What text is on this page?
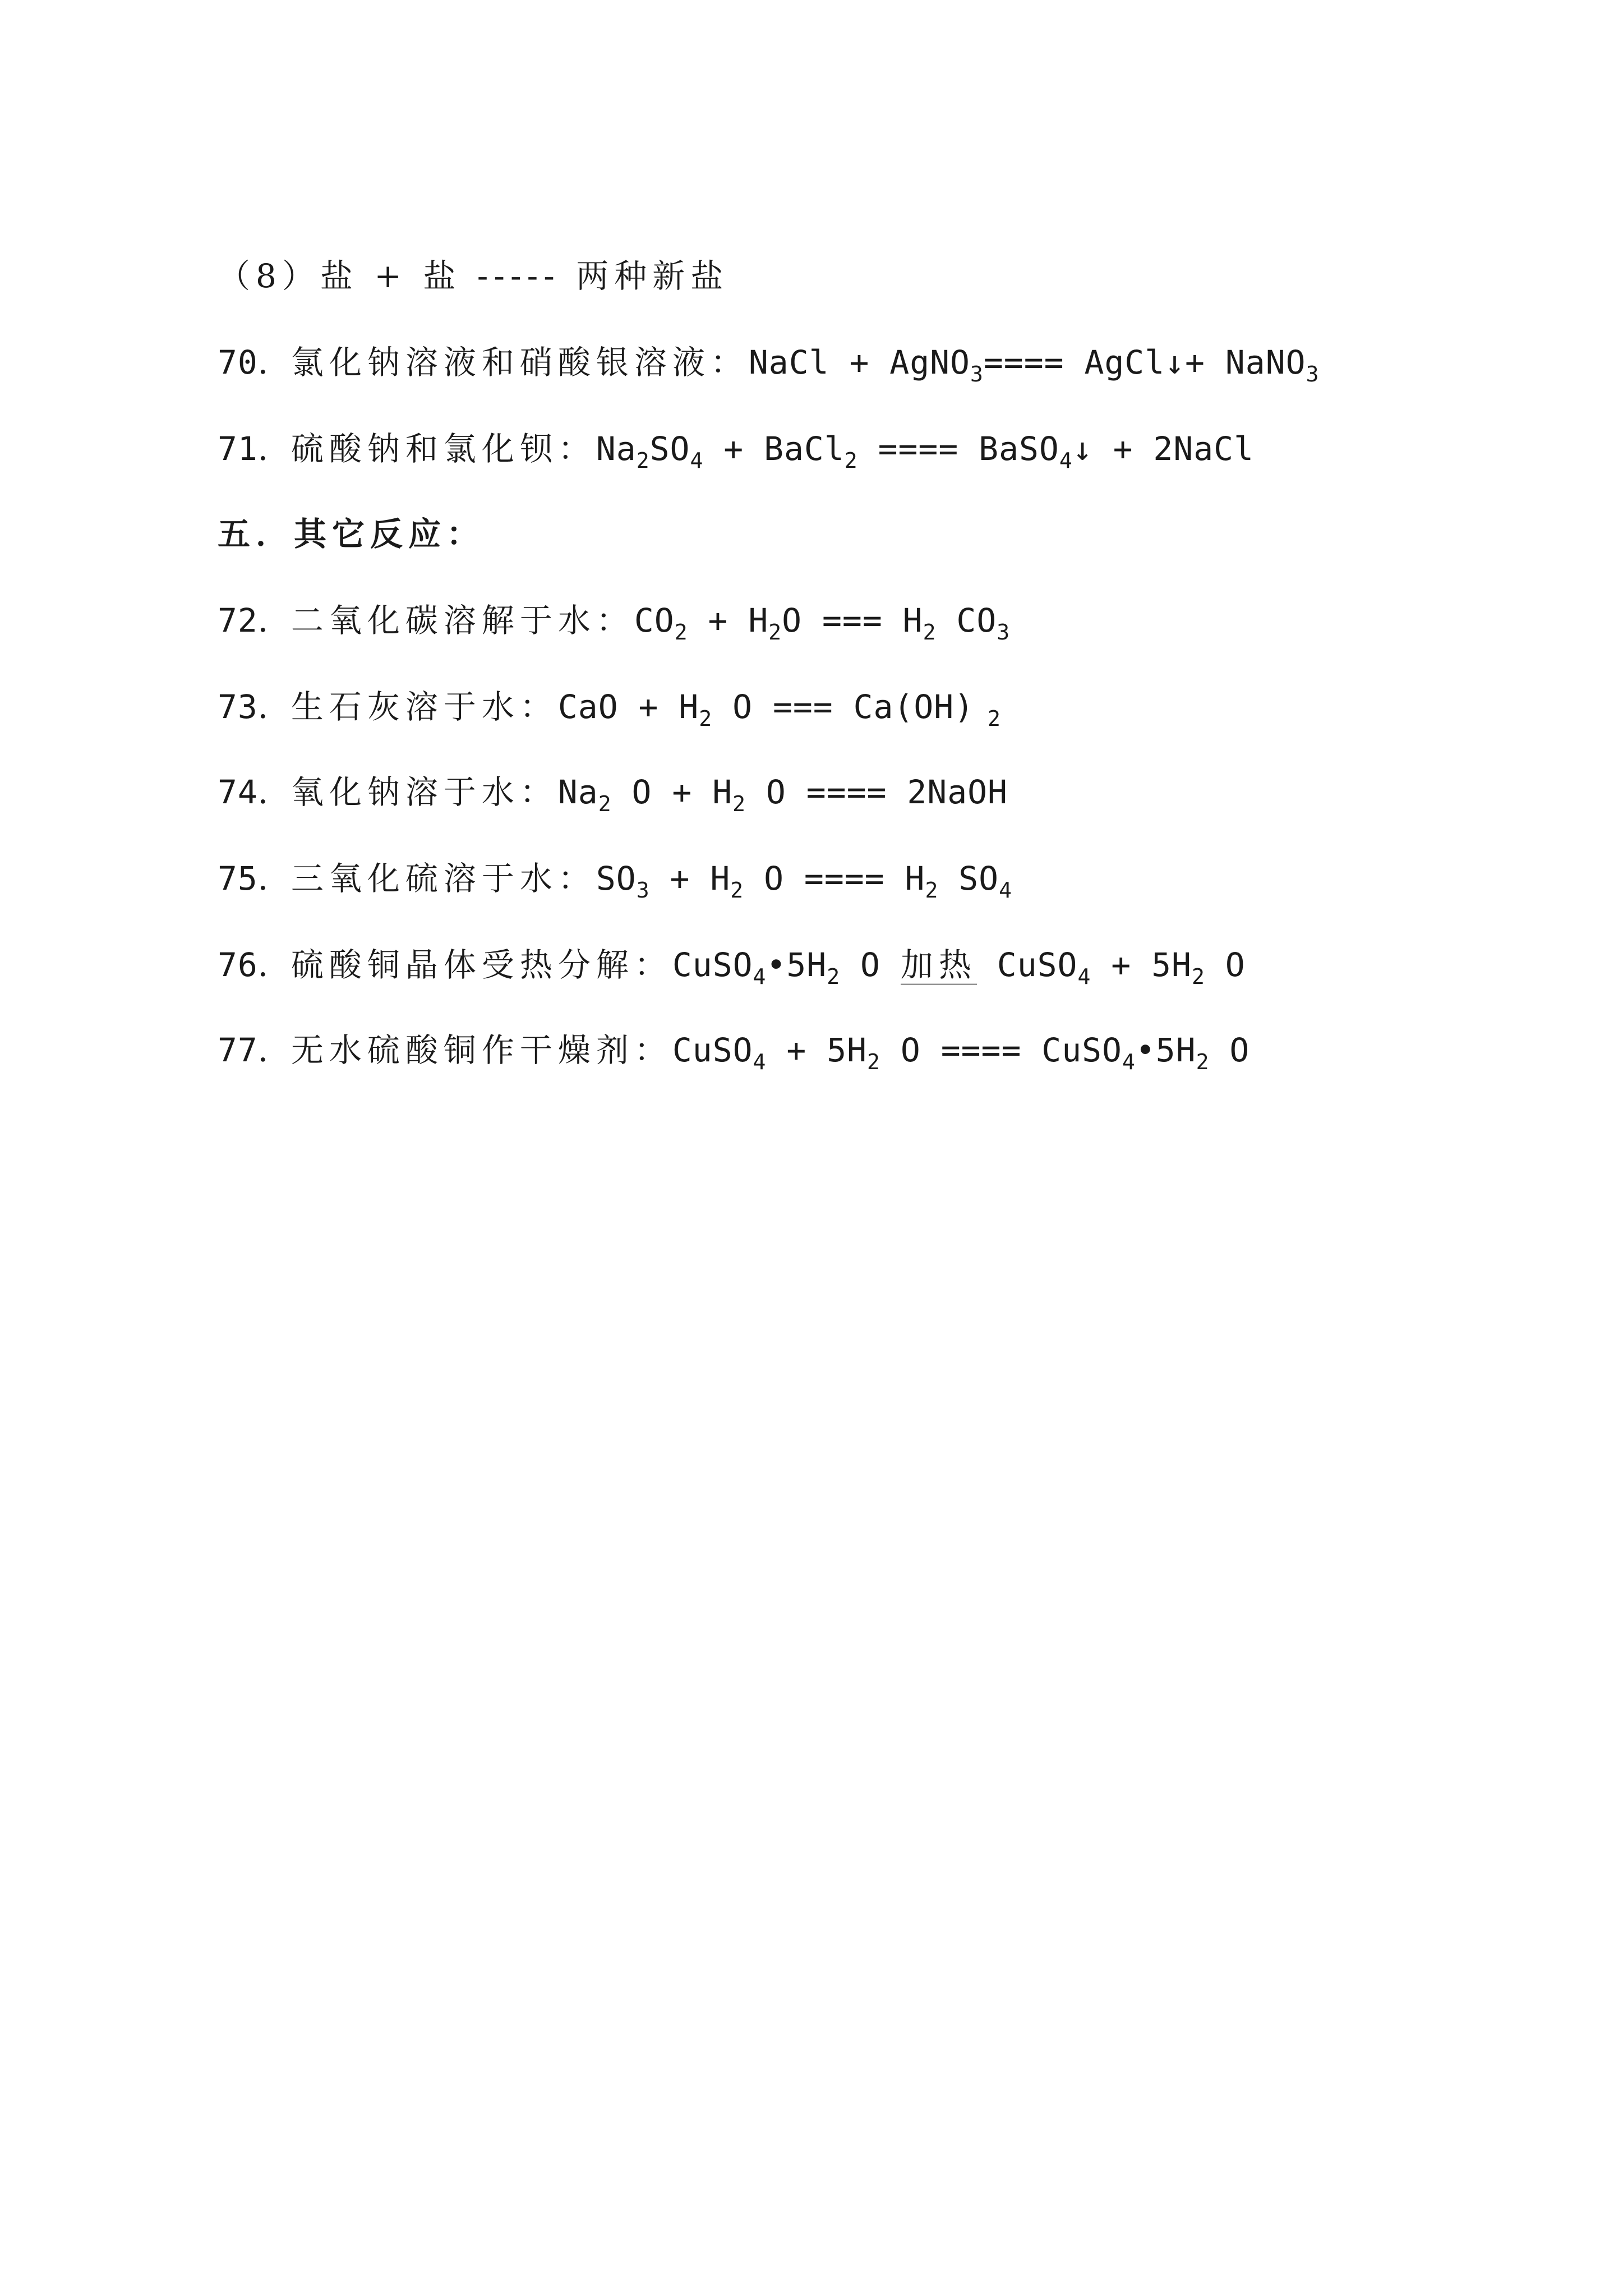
（8）盐 + 盐 ----- 两种新盐
70．氯化钠溶液和硝酸银溶液：NaCl + AgNO$_3$==== AgCl↓+ NaNO$_3$
71．硫酸钠和氯化钡：$Na_2SO_4$ + BaCl$_2$ ==== BaSO$_4$↓ + 2NaCl
五．其它反应：
72．二氧化碳溶解于水：$CO_2 + H_2O$ === $H_2$ $CO_3$
73．生石灰溶于水：CaO + $H_2$ O === Ca(OH) $_2$
74．氧化钠溶于水：$Na_2$ $O + H_2$ O ==== 2NaOH
75．三氧化硫溶于水：$SO_3 + H_2$ O ==== $H_2$ $SO_4$
76．硫酸铜晶体受热分解：$CuSO_4•5H_2$ O 加热 CuSO$_4$ + $5H_2$ O
77．无水硫酸铜作干燥剂：CuSO$_4$ + $5H_2$ O ==== $CuSO_4•5H_2$ O
